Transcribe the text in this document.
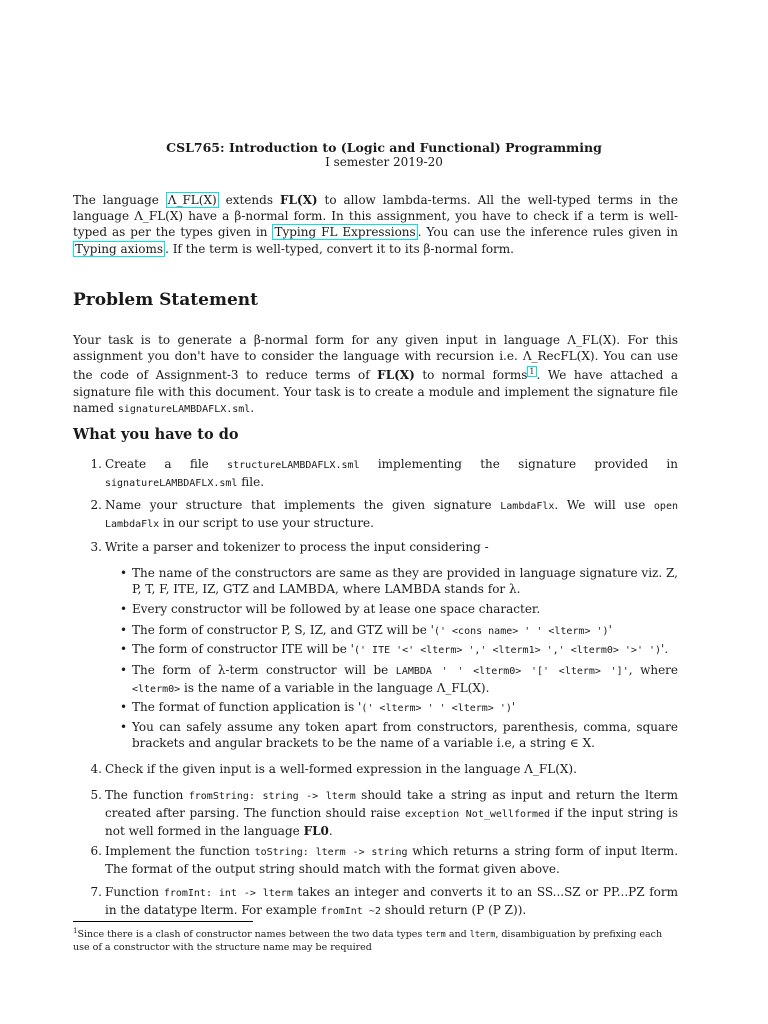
CSL765: Introduction to (Logic and Functional) Programming
I semester 2019-20

The language Λ_FL(X) extends FL(X) to allow lambda-terms. All the well-typed terms in the language Λ_FL(X) have a β-normal form. In this assignment, you have to check if a term is well-typed as per the types given in Typing FL Expressions . You can use the inference rules given in Typing axioms . If the term is well-typed, convert it to its β-normal form.

Problem Statement

Your task is to generate a β-normal form for any given input in language Λ_FL(X). For this assignment you don't have to consider the language with recursion i.e. Λ_RecFL(X). You can use the code of Assignment-3 to reduce terms of FL(X) to normal forms $^1$ . We have attached a signature file with this document. Your task is to create a module and implement the signature file named signatureLAMBDAFLX.sml.

What you have to do
1. Create a file structureLAMBDAFLX.sml implementing the signature provided in signatureLAMBDAFLX.sml file.
2. Name your structure that implements the given signature LambdaFlx. We will use open LambdaFlx in our script to use your structure.
3. Write a parser and tokenizer to process the input considering -
• The name of the constructors are same as they are provided in language signature viz. Z, P, T, F, ITE, IZ, GTZ and LAMBDA, where LAMBDA stands for λ.
• Every constructor will be followed by at lease one space character.
• The form of constructor P, S, IZ, and GTZ will be '(' <cons name> ' ' <lterm> ')'
• The form of constructor ITE will be '(' ITE '<' <lterm> ',' <lterm1> ',' <lterm0> '>' ')'.
• The form of λ-term constructor will be LAMBDA ' ' <lterm0> '[' <lterm> ']', where <lterm0> is the name of a variable in the language Λ_FL(X).
• The format of function application is '(' <lterm> ' ' <lterm> ')'
• You can safely assume any token apart from constructors, parenthesis, comma, square brackets and angular brackets to be the name of a variable i.e, a string ∈ X.
4. Check if the given input is a well-formed expression in the language Λ_FL(X).
5. The function fromString: string -> lterm should take a string as input and return the lterm created after parsing. The function should raise exception Not_wellformed if the input string is not well formed in the language FL0.
6. Implement the function toString: lterm -> string which returns a string form of input lterm. The format of the output string should match with the format given above.
7. Function fromInt: int -> lterm takes an integer and converts it to an SS...SZ or PP...PZ form in the datatype lterm. For example fromInt ~2 should return (P (P Z)).
$^1$Since there is a clash of constructor names between the two data types term and lterm, disambiguation by prefixing each use of a constructor with the structure name may be required
